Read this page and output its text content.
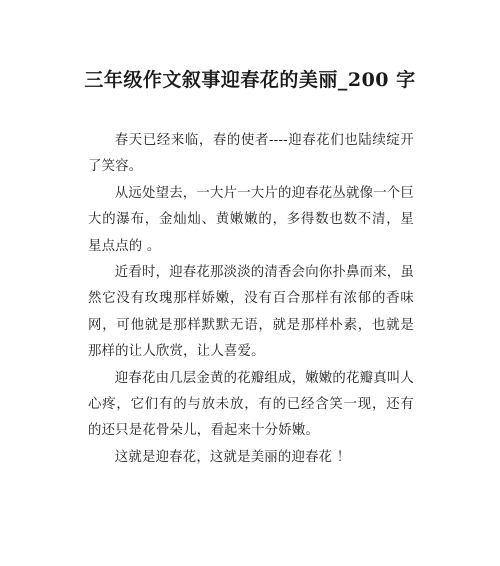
三年级作文叙事迎春花的美丽_200 字

春天已经来临，春的使者----迎春花们也陆续绽开了笑容。

从远处望去，一大片一大片的迎春花丛就像一个巨大的瀑布，金灿灿、黄嫩嫩的，多得数也数不清，星星点点的 。

近看时，迎春花那淡淡的清香会向你扑鼻而来，虽然它没有玫瑰那样娇嫩，没有百合那样有浓郁的香味网，可他就是那样默默无语，就是那样朴素，也就是那样的让人欣赏，让人喜爱。

迎春花由几层金黄的花瓣组成，嫩嫩的花瓣真叫人心疼，它们有的与放未放，有的已经含笑一现，还有的还只是花骨朵儿，看起来十分娇嫩。

这就是迎春花，这就是美丽的迎春花 ！
